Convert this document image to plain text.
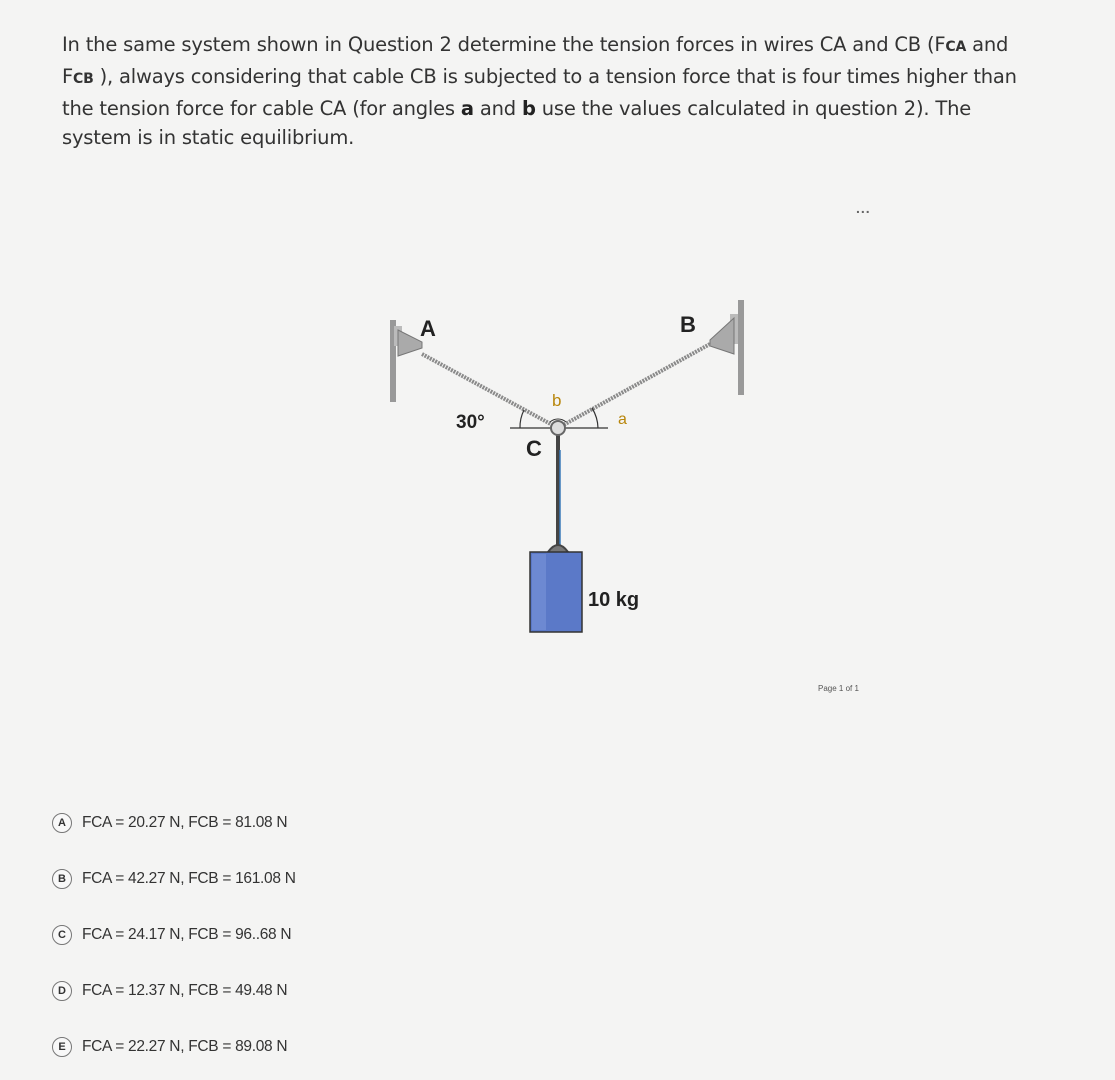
In the same system shown in Question 2 determine the tension forces in wires CA and CB (FCA and FCB ), always considering that cable CB is subjected to a tension force that is four times higher than the tension force for cable CA (for angles a and b use the values calculated in question 2). The system is in static equilibrium.
...
A	B
C
30°
b
a
10 kg
Page 1 of 1
A	FCA = 20.27 N, FCB = 81.08 N
B	FCA = 42.27 N, FCB = 161.08 N
C	FCA = 24.17 N, FCB = 96..68 N
D	FCA = 12.37 N, FCB = 49.48 N
E	FCA = 22.27 N, FCB = 89.08 N
